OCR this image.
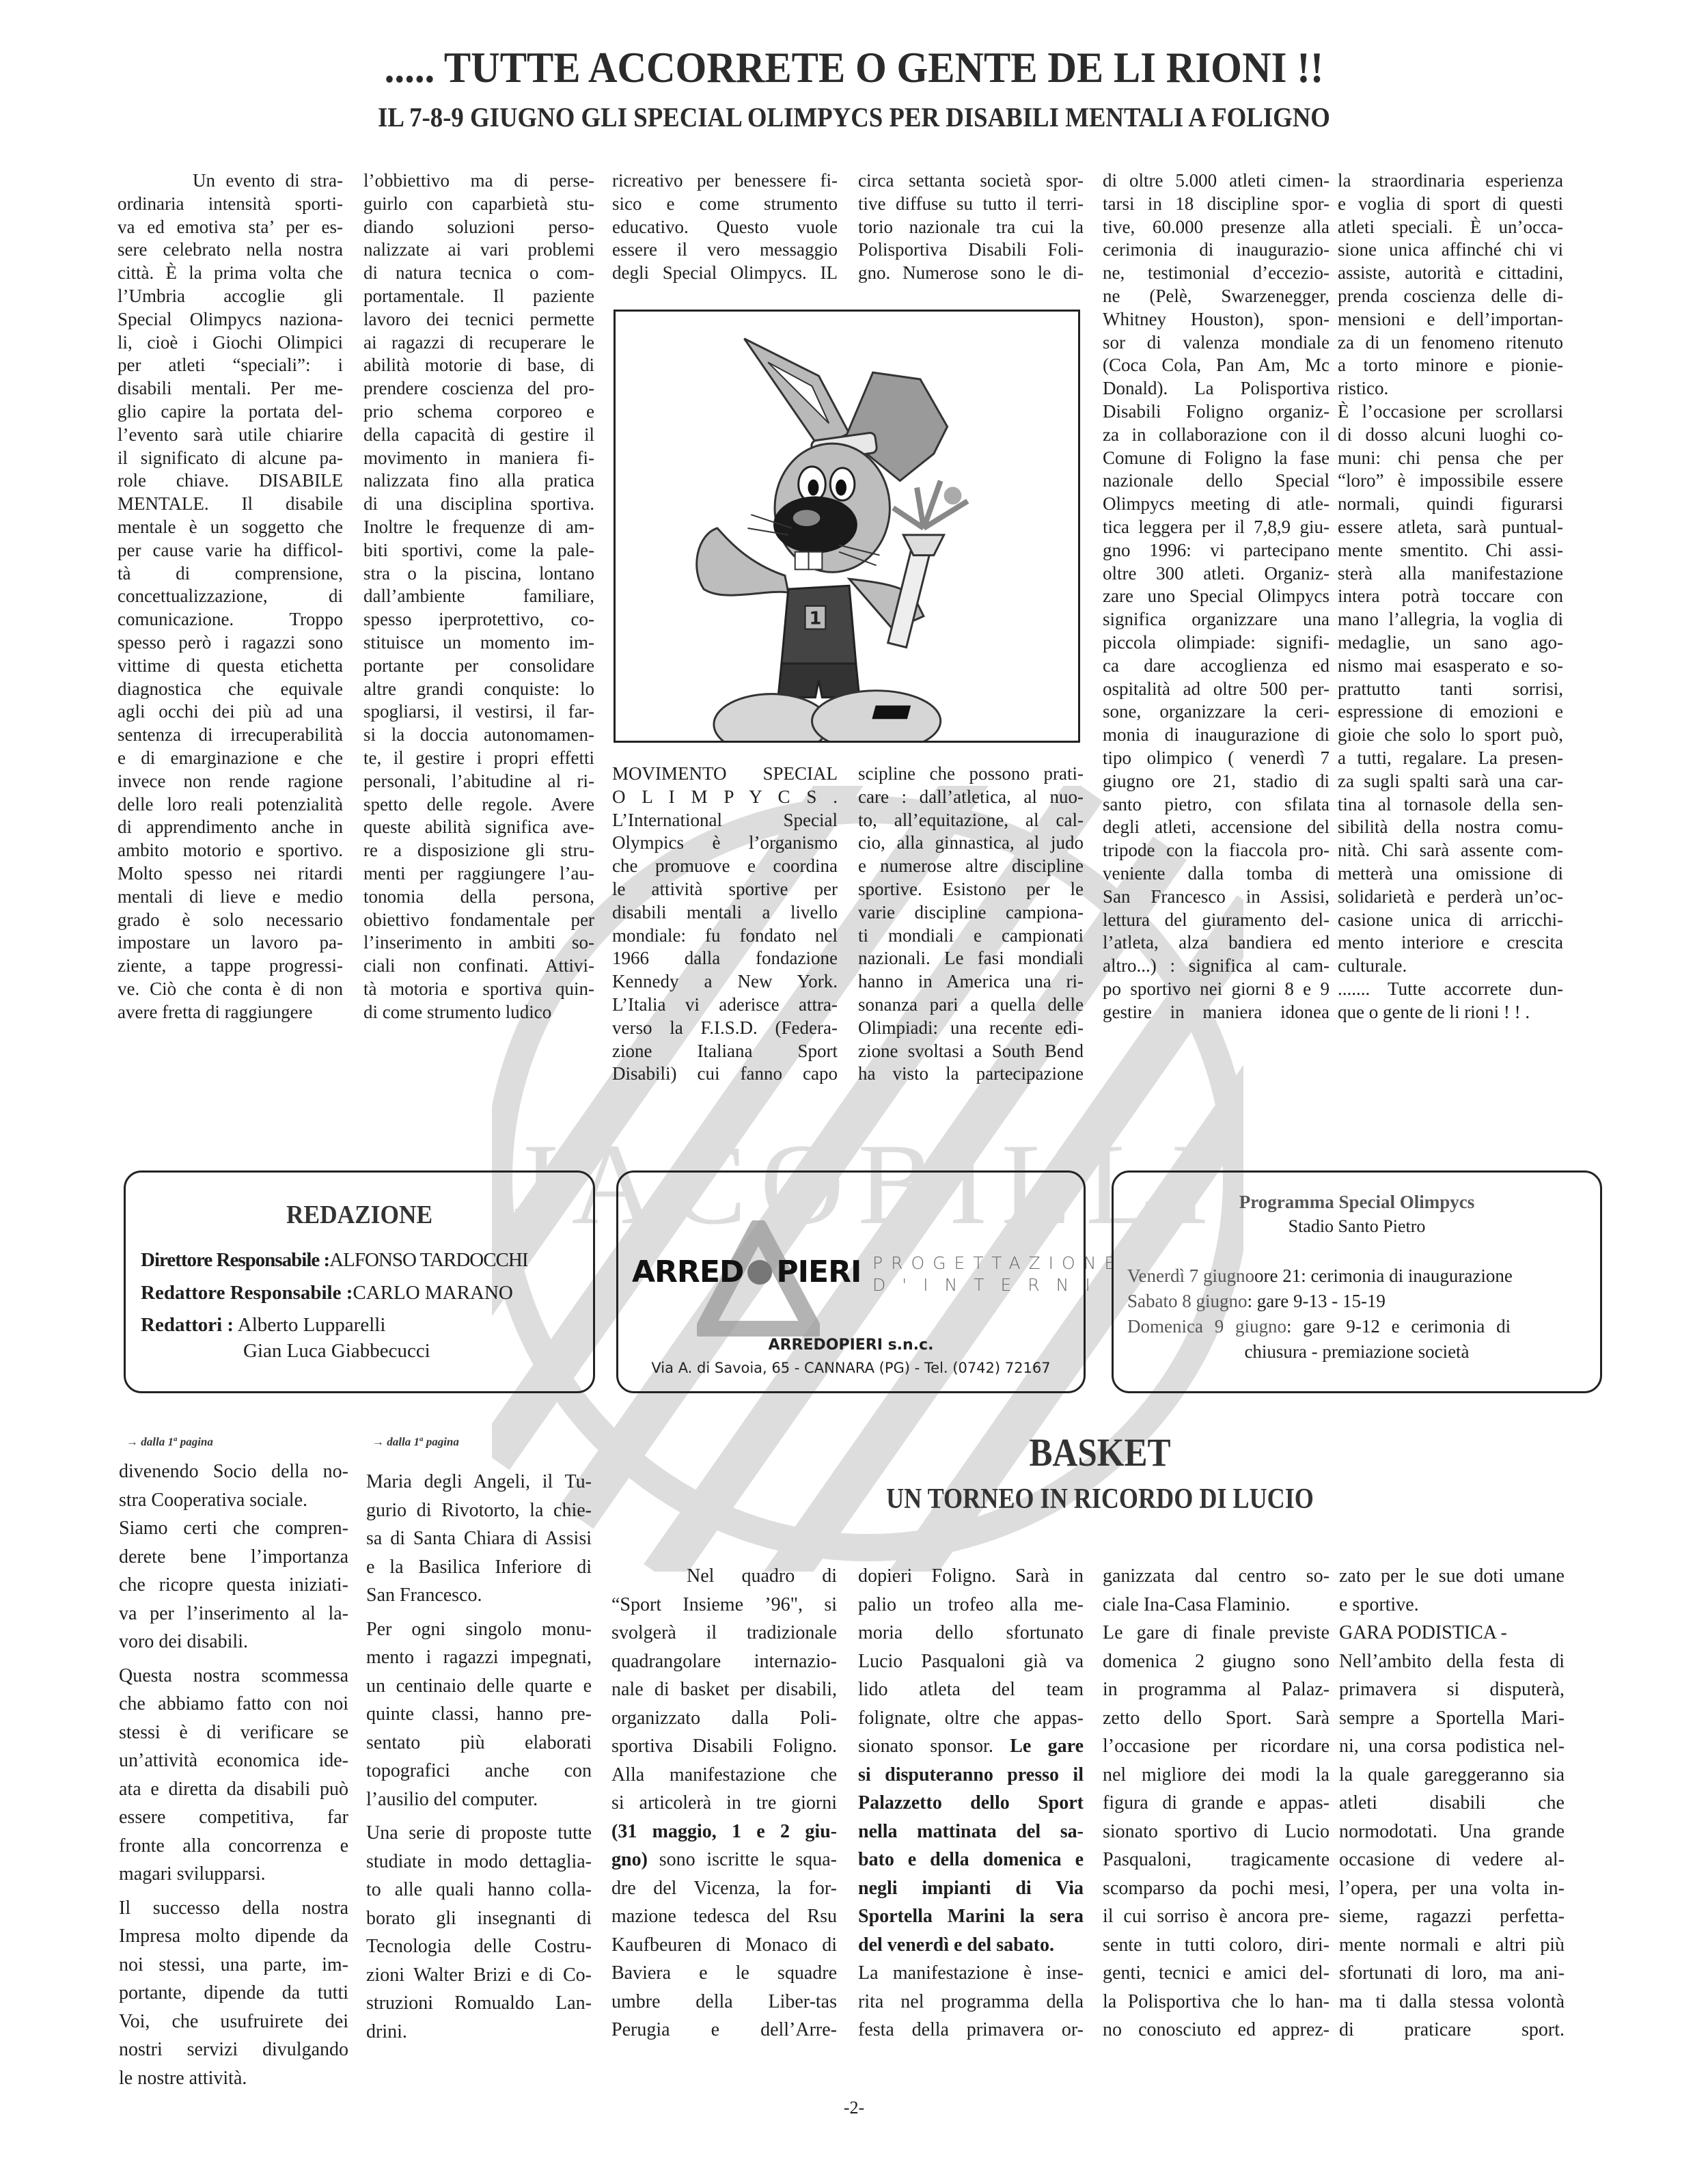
JACOBILLI
..... TUTTE ACCORRETE O GENTE DE LI RIONI !!
IL 7-8-9 GIUGNO GLI SPECIAL OLIMPYCS PER DISABILI MENTALI A FOLIGNO
Un evento di stra-
ordinaria intensità sporti-
va ed emotiva sta’ per es-
sere celebrato nella nostra
città. È la prima volta che
l’Umbria accoglie gli
Special Olimpycs naziona-
li, cioè i Giochi Olimpici
per atleti “speciali”: i
disabili mentali. Per me-
glio capire la portata del-
l’evento sarà utile chiarire
il significato di alcune pa-
role chiave. DISABILE
MENTALE. Il disabile
mentale è un soggetto che
per cause varie ha difficol-
tà di comprensione,
concettualizzazione, di
comunicazione. Troppo
spesso però i ragazzi sono
vittime di questa etichetta
diagnostica che equivale
agli occhi dei più ad una
sentenza di irrecuperabilità
e di emarginazione e che
invece non rende ragione
delle loro reali potenzialità
di apprendimento anche in
ambito motorio e sportivo.
Molto spesso nei ritardi
mentali di lieve e medio
grado è solo necessario
impostare un lavoro pa-
ziente, a tappe progressi-
ve. Ciò che conta è di non
avere fretta di raggiungere
l’obbiettivo ma di perse-
guirlo con caparbietà stu-
diando soluzioni perso-
nalizzate ai vari problemi
di natura tecnica o com-
portamentale. Il paziente
lavoro dei tecnici permette
ai ragazzi di recuperare le
abilità motorie di base, di
prendere coscienza del pro-
prio schema corporeo e
della capacità di gestire il
movimento in maniera fi-
nalizzata fino alla pratica
di una disciplina sportiva.
Inoltre le frequenze di am-
biti sportivi, come la pale-
stra o la piscina, lontano
dall’ambiente familiare,
spesso iperprotettivo, co-
stituisce un momento im-
portante per consolidare
altre grandi conquiste: lo
spogliarsi, il vestirsi, il far-
si la doccia autonomamen-
te, il gestire i propri effetti
personali, l’abitudine al ri-
spetto delle regole. Avere
queste abilità significa ave-
re a disposizione gli stru-
menti per raggiungere l’au-
tonomia della persona,
obiettivo fondamentale per
l’inserimento in ambiti so-
ciali non confinati. Attivi-
tà motoria e sportiva quin-
di come strumento ludico
ricreativo per benessere fi-
sico e come strumento
educativo. Questo vuole
essere il vero messaggio
degli Special Olimpycs. IL
circa settanta società spor-
tive diffuse su tutto il terri-
torio nazionale tra cui la
Polisportiva Disabili Foli-
gno. Numerose sono le di-
MOVIMENTO SPECIAL
O L I M P Y C S .
L’International Special
Olympics è l’organismo
che promuove e coordina
le attività sportive per
disabili mentali a livello
mondiale: fu fondato nel
1966 dalla fondazione
Kennedy a New York.
L’Italia vi aderisce attra-
verso la F.I.S.D. (Federa-
zione Italiana Sport
Disabili) cui fanno capo
scipline che possono prati-
care : dall’atletica, al nuo-
to, all’equitazione, al cal-
cio, alla ginnastica, al judo
e numerose altre discipline
sportive. Esistono per le
varie discipline campiona-
ti mondiali e campionati
nazionali. Le fasi mondiali
hanno in America una ri-
sonanza pari a quella delle
Olimpiadi: una recente edi-
zione svoltasi a South Bend
ha visto la partecipazione
di oltre 5.000 atleti cimen-
tarsi in 18 discipline spor-
tive, 60.000 presenze alla
cerimonia di inaugurazio-
ne, testimonial d’eccezio-
ne (Pelè, Swarzenegger,
Whitney Houston), spon-
sor di valenza mondiale
(Coca Cola, Pan Am, Mc
Donald). La Polisportiva
Disabili Foligno organiz-
za in collaborazione con il
Comune di Foligno la fase
nazionale dello Special
Olimpycs meeting di atle-
tica leggera per il 7,8,9 giu-
gno 1996: vi partecipano
oltre 300 atleti. Organiz-
zare uno Special Olimpycs
significa organizzare una
piccola olimpiade: signifi-
ca dare accoglienza ed
ospitalità ad oltre 500 per-
sone, organizzare la ceri-
monia di inaugurazione di
tipo olimpico ( venerdì 7
giugno ore 21, stadio di
santo pietro, con sfilata
degli atleti, accensione del
tripode con la fiaccola pro-
veniente dalla tomba di
San Francesco in Assisi,
lettura del giuramento del-
l’atleta, alza bandiera ed
altro...) : significa al cam-
po sportivo nei giorni 8 e 9
gestire in maniera idonea
la straordinaria esperienza
e voglia di sport di questi
atleti speciali. È un’occa-
sione unica affinché chi vi
assiste, autorità e cittadini,
prenda coscienza delle di-
mensioni e dell’importan-
za di un fenomeno ritenuto
a torto minore e pionie-
ristico.
È l’occasione per scrollarsi
di dosso alcuni luoghi co-
muni: chi pensa che per
“loro” è impossibile essere
normali, quindi figurarsi
essere atleta, sarà puntual-
mente smentito. Chi assi-
sterà alla manifestazione
intera potrà toccare con
mano l’allegria, la voglia di
medaglie, un sano ago-
nismo mai esasperato e so-
prattutto tanti sorrisi,
espressione di emozioni e
gioie che solo lo sport può,
a tutti, regalare. La presen-
za sugli spalti sarà una car-
tina al tornasole della sen-
sibilità della nostra comu-
nità. Chi sarà assente com-
metterà una omissione di
solidarietà e perderà un’oc-
casione unica di arricchi-
mento interiore e crescita
culturale.
....... Tutte accorrete dun-
que o gente de li rioni ! ! .
1
Filo
REDAZIONE
Direttore Responsabile :ALFONSO TARDOCCHI
Redattore Responsabile :CARLO MARANO
Redattori : Alberto Lupparelli
Gian Luca Giabbecucci
ARRED PIERI PROGETTAZIONE
D'INTERNI
ARREDOPIERI s.n.c.
Via A. di Savoia, 65 - CANNARA (PG) - Tel. (0742) 72167
Programma Special Olimpycs
Stadio Santo Pietro
Venerdì 7 giugnoore 21: cerimonia di inaugurazione
Sabato 8 giugno: gare 9-13 - 15-19
Domenica 9 giugno: gare 9-12 e cerimonia di
chiusura - premiazione società
→ dalla 1$^a$ pagina	→ dalla 1$^a$ pagina
divenendo Socio della no-
stra Cooperativa sociale.
Siamo certi che compren-
derete bene l’importanza
che ricopre questa iniziati-
va per l’inserimento al la-
voro dei disabili.
Questa nostra scommessa
che abbiamo fatto con noi
stessi è di verificare se
un’attività economica ide-
ata e diretta da disabili può
essere competitiva, far
fronte alla concorrenza e
magari svilupparsi.
Il successo della nostra
Impresa molto dipende da
noi stessi, una parte, im-
portante, dipende da tutti
Voi, che usufruirete dei
nostri servizi divulgando
le nostre attività.
Maria degli Angeli, il Tu-
gurio di Rivotorto, la chie-
sa di Santa Chiara di Assisi
e la Basilica Inferiore di
San Francesco.
Per ogni singolo monu-
mento i ragazzi impegnati,
un centinaio delle quarte e
quinte classi, hanno pre-
sentato più elaborati
topografici anche con
l’ausilio del computer.
Una serie di proposte tutte
studiate in modo dettaglia-
to alle quali hanno colla-
borato gli insegnanti di
Tecnologia delle Costru-
zioni Walter Brizi e di Co-
struzioni Romualdo Lan-
drini.
BASKET
UN TORNEO IN RICORDO DI LUCIO
Nel quadro di
“Sport Insieme ’96", si
svolgerà il tradizionale
quadrangolare internazio-
nale di basket per disabili,
organizzato dalla Poli-
sportiva Disabili Foligno.
Alla manifestazione che
si articolerà in tre giorni
(31 maggio, 1 e 2 giu-
gno) sono iscritte le squa-
dre del Vicenza, la for-
mazione tedesca del Rsu
Kaufbeuren di Monaco di
Baviera e le squadre
umbre della Liber-tas
Perugia e dell’Arre-
dopieri Foligno. Sarà in
palio un trofeo alla me-
moria dello sfortunato
Lucio Pasqualoni già va
lido atleta del team
folignate, oltre che appas-
sionato sponsor. Le gare
si disputeranno presso il
Palazzetto dello Sport
nella mattinata del sa-
bato e della domenica e
negli impianti di Via
Sportella Marini la sera
del venerdì e del sabato.
La manifestazione è inse-
rita nel programma della
festa della primavera or-
ganizzata dal centro so-
ciale Ina-Casa Flaminio.
Le gare di finale previste
domenica 2 giugno sono
in programma al Palaz-
zetto dello Sport. Sarà
l’occasione per ricordare
nel migliore dei modi la
figura di grande e appas-
sionato sportivo di Lucio
Pasqualoni, tragicamente
scomparso da pochi mesi,
il cui sorriso è ancora pre-
sente in tutti coloro, diri-
genti, tecnici e amici del-
la Polisportiva che lo han-
no conosciuto ed apprez-
zato per le sue doti umane
e sportive.
GARA PODISTICA -
Nell’ambito della festa di
primavera si disputerà,
sempre a Sportella Mari-
ni, una corsa podistica nel-
la quale gareggeranno sia
atleti disabili che
normodotati. Una grande
occasione di vedere al-
l’opera, per una volta in-
sieme, ragazzi perfetta-
mente normali e altri più
sfortunati di loro, ma ani-
ma ti dalla stessa volontà
di praticare sport.
-2-
